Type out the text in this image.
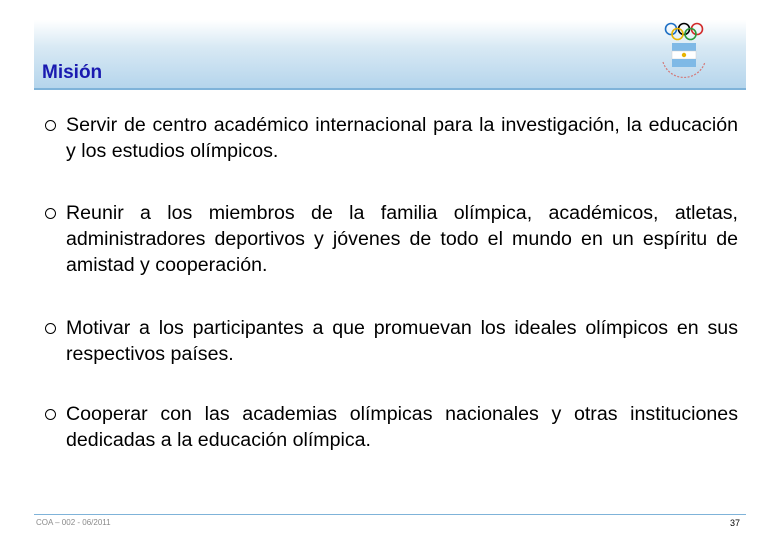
Misión
Servir de centro académico internacional para la investigación, la educación y los estudios olímpicos.
Reunir a los miembros de la familia olímpica, académicos, atletas, administradores deportivos y jóvenes de todo el mundo en un espíritu de amistad y cooperación.
Motivar a los participantes a que promuevan los ideales olímpicos en sus respectivos países.
Cooperar con las academias olímpicas nacionales y otras instituciones dedicadas a la educación olímpica.
COA – 002 - 06/2011	37
